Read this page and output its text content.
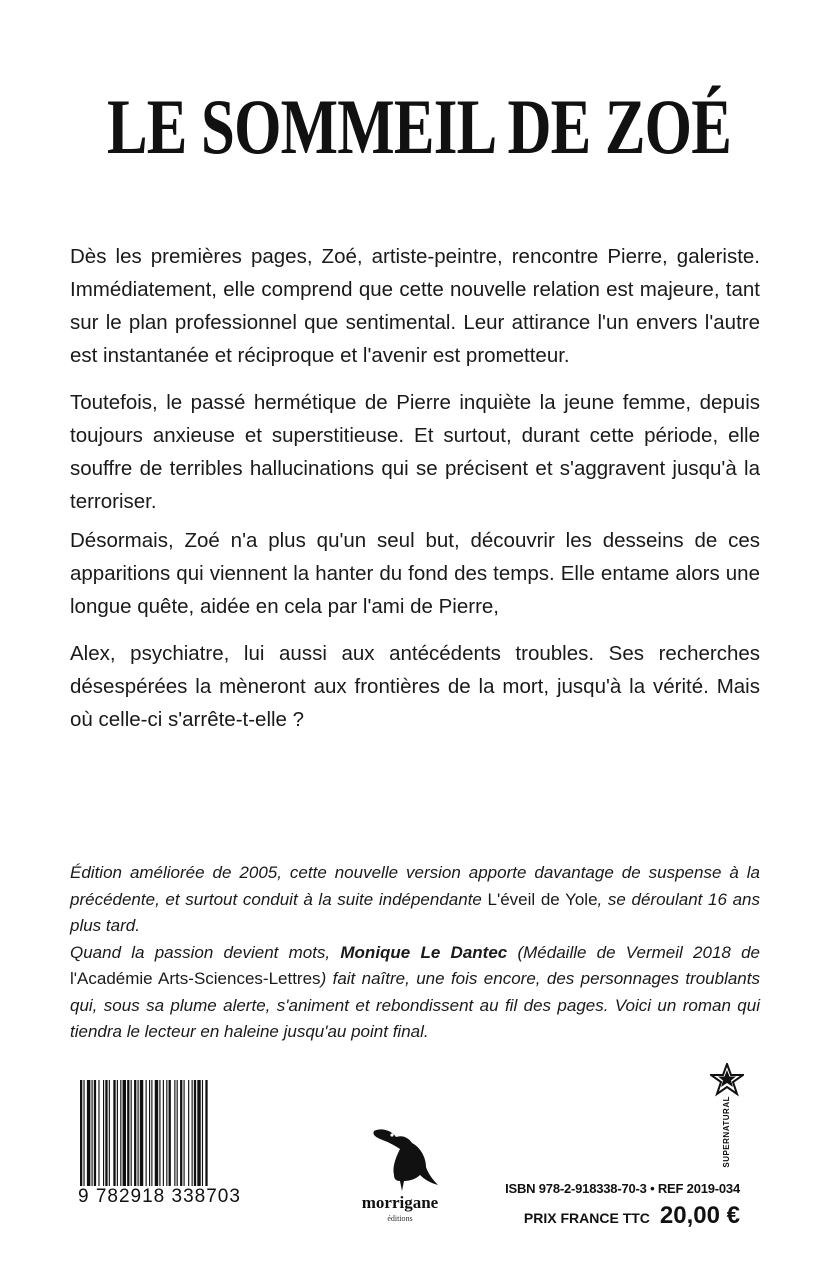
LE SOMMEIL DE ZOÉ

Dès les premières pages, Zoé, artiste-peintre, rencontre Pierre, galeriste. Immédiatement, elle comprend que cette nouvelle relation est majeure, tant sur le plan professionnel que sentimental. Leur attirance l'un envers l'autre est instantanée et réciproque et l'avenir est prometteur.

Toutefois, le passé hermétique de Pierre inquiète la jeune femme, depuis toujours anxieuse et superstitieuse. Et surtout, durant cette période, elle souffre de terribles hallucinations qui se précisent et s'aggravent jusqu'à la terroriser.

Désormais, Zoé n'a plus qu'un seul but, découvrir les desseins de ces apparitions qui viennent la hanter du fond des temps. Elle entame alors une longue quête, aidée en cela par l'ami de Pierre,

Alex, psychiatre, lui aussi aux antécédents troubles. Ses recherches désespérées la mèneront aux frontières de la mort, jusqu'à la vérité. Mais où celle-ci s'arrête-t-elle ?

Édition améliorée de 2005, cette nouvelle version apporte davantage de suspense à la précédente, et surtout conduit à la suite indépendante L'éveil de Yole, se déroulant 16 ans plus tard.

Quand la passion devient mots, Monique Le Dantec (Médaille de Vermeil 2018 de l'Académie Arts-Sciences-Lettres) fait naître, une fois encore, des personnages troublants qui, sous sa plume alerte, s'animent et rebondissent au fil des pages. Voici un roman qui tiendra le lecteur en haleine jusqu'au point final.

9 782918 338703	morrigane
éditions
SUPERNATURAL
ISBN 978-2-918338-70-3 • REF 2019-034
PRIX FRANCE TTC 20,00 €
